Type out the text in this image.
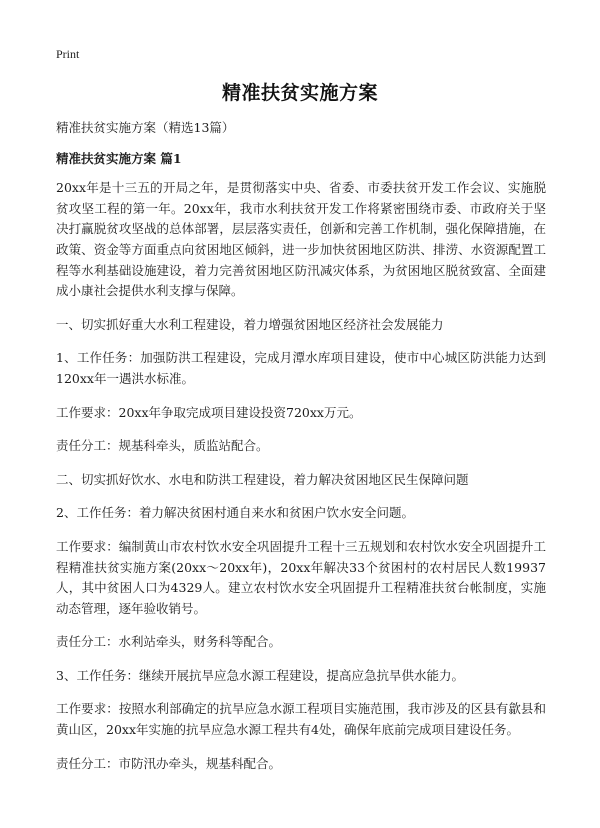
Print
精准扶贫实施方案

精准扶贫实施方案（精选13篇）

精准扶贫实施方案 篇1

20xx年是十三五的开局之年，是贯彻落实中央、省委、市委扶贫开发工作会议、实施脱贫攻坚工程的第一年。20xx年，我市水利扶贫开发工作将紧密围绕市委、市政府关于坚决打赢脱贫攻坚战的总体部署，层层落实责任，创新和完善工作机制，强化保障措施，在政策、资金等方面重点向贫困地区倾斜，进一步加快贫困地区防洪、排涝、水资源配置工程等水利基础设施建设，着力完善贫困地区防汛减灾体系，为贫困地区脱贫致富、全面建成小康社会提供水利支撑与保障。

一、切实抓好重大水利工程建设，着力增强贫困地区经济社会发展能力

1、工作任务：加强防洪工程建设，完成月潭水库项目建设，使市中心城区防洪能力达到120xx年一遇洪水标准。

工作要求：20xx年争取完成项目建设投资720xx万元。

责任分工：规基科牵头，质监站配合。

二、切实抓好饮水、水电和防洪工程建设，着力解决贫困地区民生保障问题

2、工作任务：着力解决贫困村通自来水和贫困户饮水安全问题。

工作要求：编制黄山市农村饮水安全巩固提升工程十三五规划和农村饮水安全巩固提升工程精准扶贫实施方案(20xx～20xx年)，20xx年解决33个贫困村的农村居民人数19937人，其中贫困人口为4329人。建立农村饮水安全巩固提升工程精准扶贫台帐制度，实施动态管理，逐年验收销号。

责任分工：水利站牵头，财务科等配合。

3、工作任务：继续开展抗旱应急水源工程建设，提高应急抗旱供水能力。

工作要求：按照水利部确定的抗旱应急水源工程项目实施范围，我市涉及的区县有歙县和黄山区，20xx年实施的抗旱应急水源工程共有4处，确保年底前完成项目建设任务。

责任分工：市防汛办牵头，规基科配合。
